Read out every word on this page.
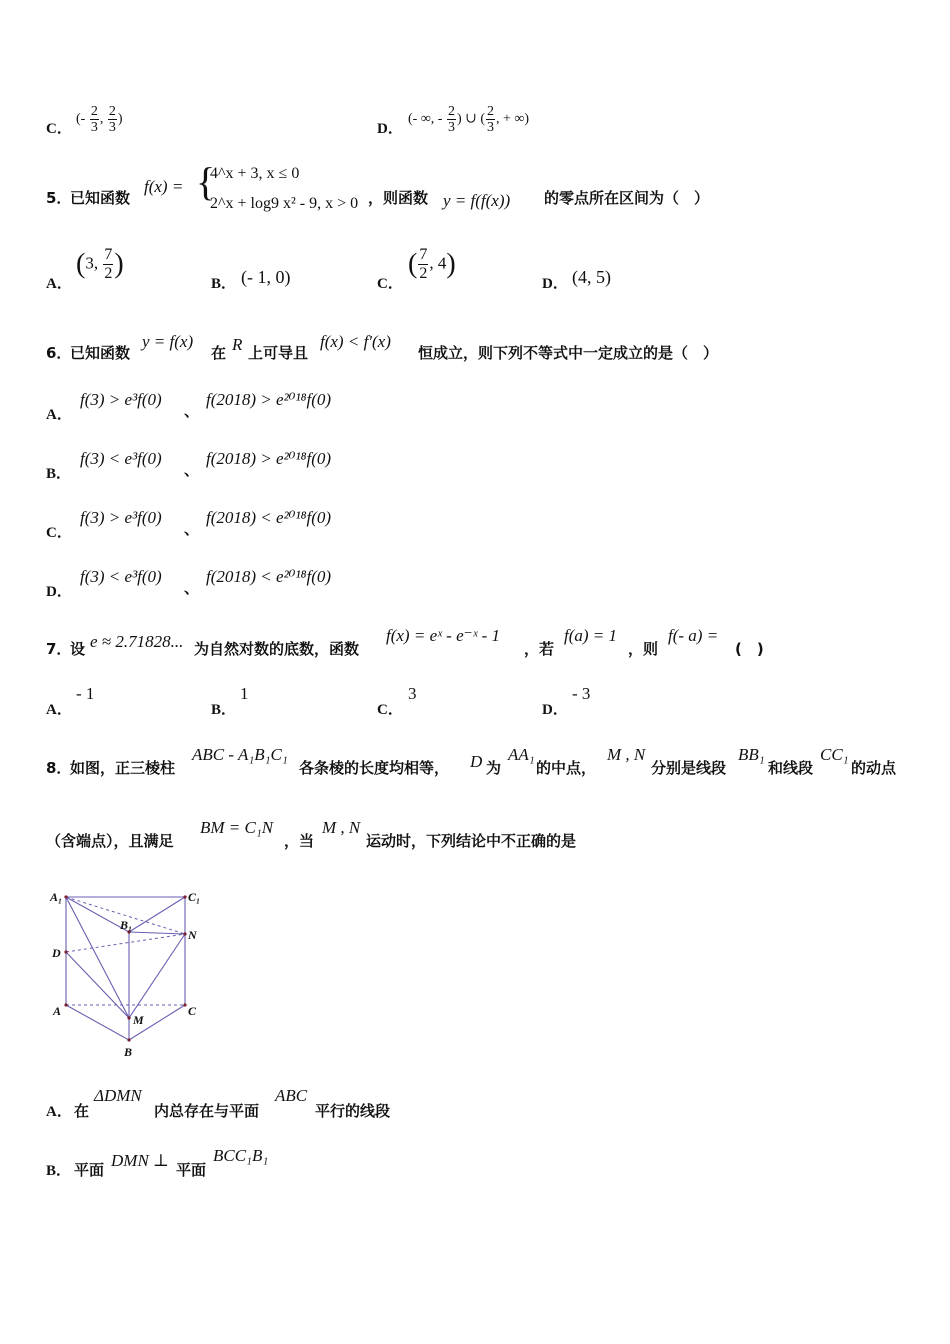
C．
(- $\frac{2}{3}$ , $\frac{2}{3}$ )
D．
(- ∞, - $\frac{2}{3}$ ) ∪ ( $\frac{2}{3}$ , + ∞)
5．
已知函数
f(x) = {
4^x + 3, x ≤ 0
2^x + log9 x² - 9, x > 0 ，则函数 y = f(f(x)) 的零点所在区间为（　）
A．
(3, $\frac{7}{2}$ )
B． (- 1, 0)	C．
( $\frac{7}{2}$ , 4)
D． (4, 5)
6．
已知函数
y = f(x)
在 R 上可导且
f(x) < f′(x)
恒成立，则下列不等式中一定成立的是（　）
A．
f(3) > e³f(0)
、
f(2018) > e²⁰¹⁸f(0)
B．
f(3) < e³f(0)
、
f(2018) > e²⁰¹⁸f(0)
C．
f(3) > e³f(0)
、
f(2018) < e²⁰¹⁸f(0)
D．
f(3) < e³f(0)
、
f(2018) < e²⁰¹⁸f(0)
7．
设 e ≈ 2.71828... 为自然对数的底数，函数
f(x) = eˣ - e⁻ˣ - 1
，若
f(a) = 1
，则
f(- a) =
(　)
A．
- 1
B．
1
C．
3
D．
- 3
8．
如图，正三棱柱
ABC - A₁B₁C₁
各条棱的长度均相等， D 为
AA₁
的中点，
M , N
分别是线段
BB₁
和线段
CC₁
的动点
（含端点），且满足
BM = C₁N
，当
M , N
运动时，下列结论中不正确的是
A₁	C₁
B₁
N
D
A
M
C
B
A． 在
ΔDMN
内总存在与平面
ABC
平行的线段
B． 平面 DMN ⊥ 平面
BCC₁B₁
